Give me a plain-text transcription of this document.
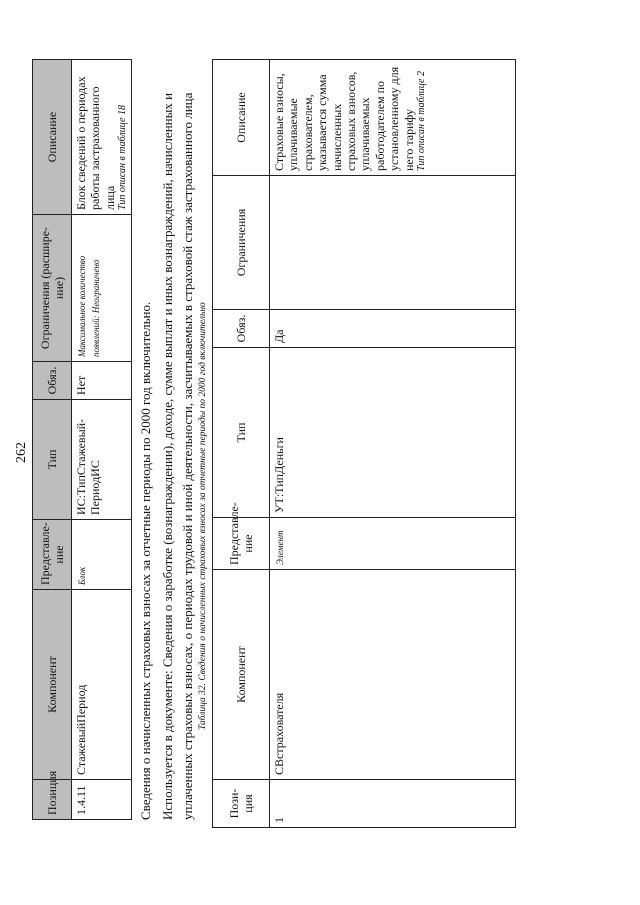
262
Позиция	Компонент	Представле-ние	Тип	Обяз.	Ограничения (расшире-ние)	Описание
1.4.11	СтажевыйПериод	Блок	ИС:ТипСтажевый-ПериодИС	Нет	Максимальное количество появлений: Неограничено	Блок сведений о периодах работы застрахованного лица Тип описан в таблице 18
Сведения о начисленных страховых взносах за отчетные периоды по 2000 год включительно. Используется в документе: Сведения о заработке (вознаграждении), доходе, сумме выплат и иных вознаграждений, начисленных и уплаченных страховых взносах, о периодах трудовой и иной деятельности, засчитываемых в страховой стаж застрахованного лица Таблица 32. Сведения о начисленных страховых взносах за отчетные периоды по 2000 год включительно
Пози-ция	Компонент	Представле-ние	Тип	Обяз.	Ограничения	Описание
1	СВстрахователя	Элемент	УТ:ТипДеньги	Да		Страховые взносы, уплачиваемые страхователем, указывается сумма начисленных страховых взносов, уплачиваемых работодателем по установленному для него тарифу Тип описан в таблице 2
